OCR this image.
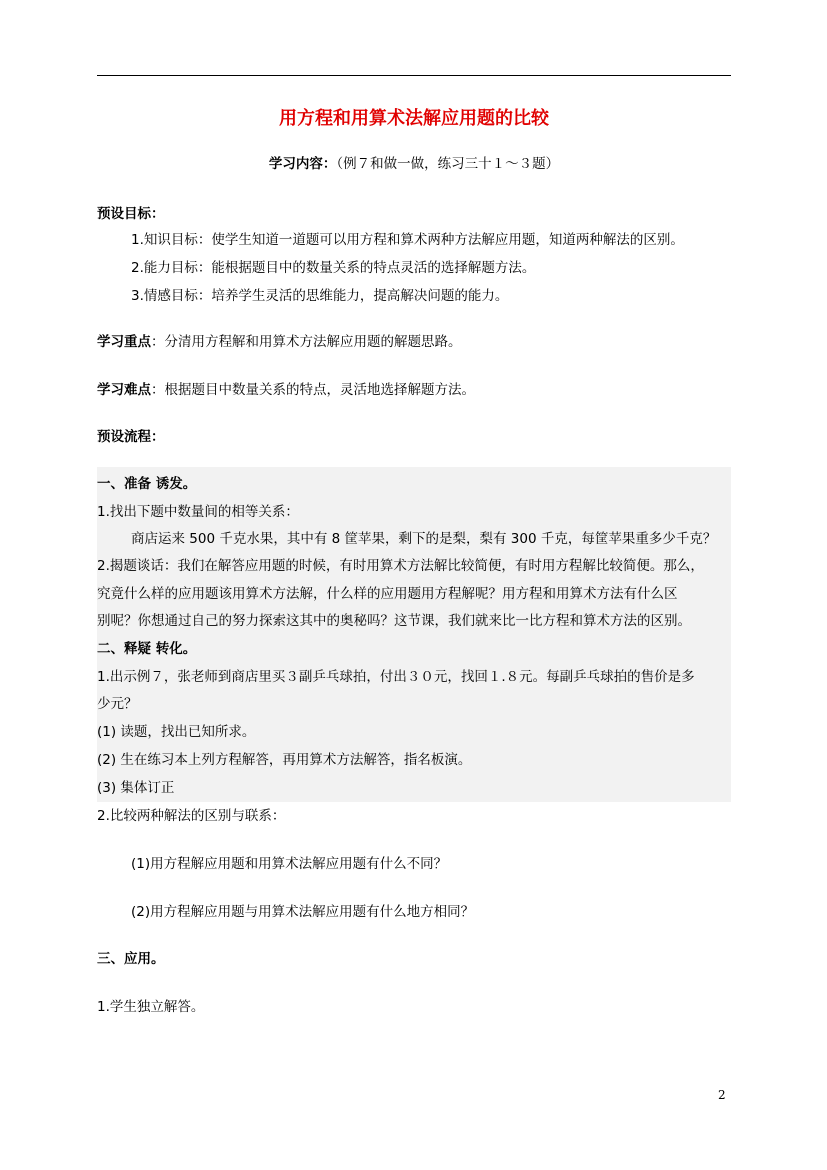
用方程和用算术法解应用题的比较
学习内容：（例７和做一做，练习三十１～３题）
预设目标：
1.知识目标：使学生知道一道题可以用方程和算术两种方法解应用题，知道两种解法的区别。
2.能力目标：能根据题目中的数量关系的特点灵活的选择解题方法。
3.情感目标：培养学生灵活的思维能力，提高解决问题的能力。
学习重点：分清用方程解和用算术方法解应用题的解题思路。
学习难点：根据题目中数量关系的特点，灵活地选择解题方法。
预设流程：
一、准备 诱发。
1.找出下题中数量间的相等关系：
商店运来 500 千克水果，其中有 8 筐苹果，剩下的是梨，梨有 300 千克，每筐苹果重多少千克？
2.揭题谈话：我们在解答应用题的时候，有时用算术方法解比较简便，有时用方程解比较简便。那么，
究竟什么样的应用题该用算术方法解，什么样的应用题用方程解呢？用方程和用算术方法有什么区
别呢？你想通过自己的努力探索这其中的奥秘吗？这节课，我们就来比一比方程和算术方法的区别。
二、释疑 转化。
1.出示例７，张老师到商店里买３副乒乓球拍，付出３０元，找回１.８元。每副乒乓球拍的售价是多
少元？
(1) 读题，找出已知所求。
(2) 生在练习本上列方程解答，再用算术方法解答，指名板演。
(3) 集体订正
2.比较两种解法的区别与联系：
(1)用方程解应用题和用算术法解应用题有什么不同？
(2)用方程解应用题与用算术法解应用题有什么地方相同？
三、应用。
1.学生独立解答。
2
